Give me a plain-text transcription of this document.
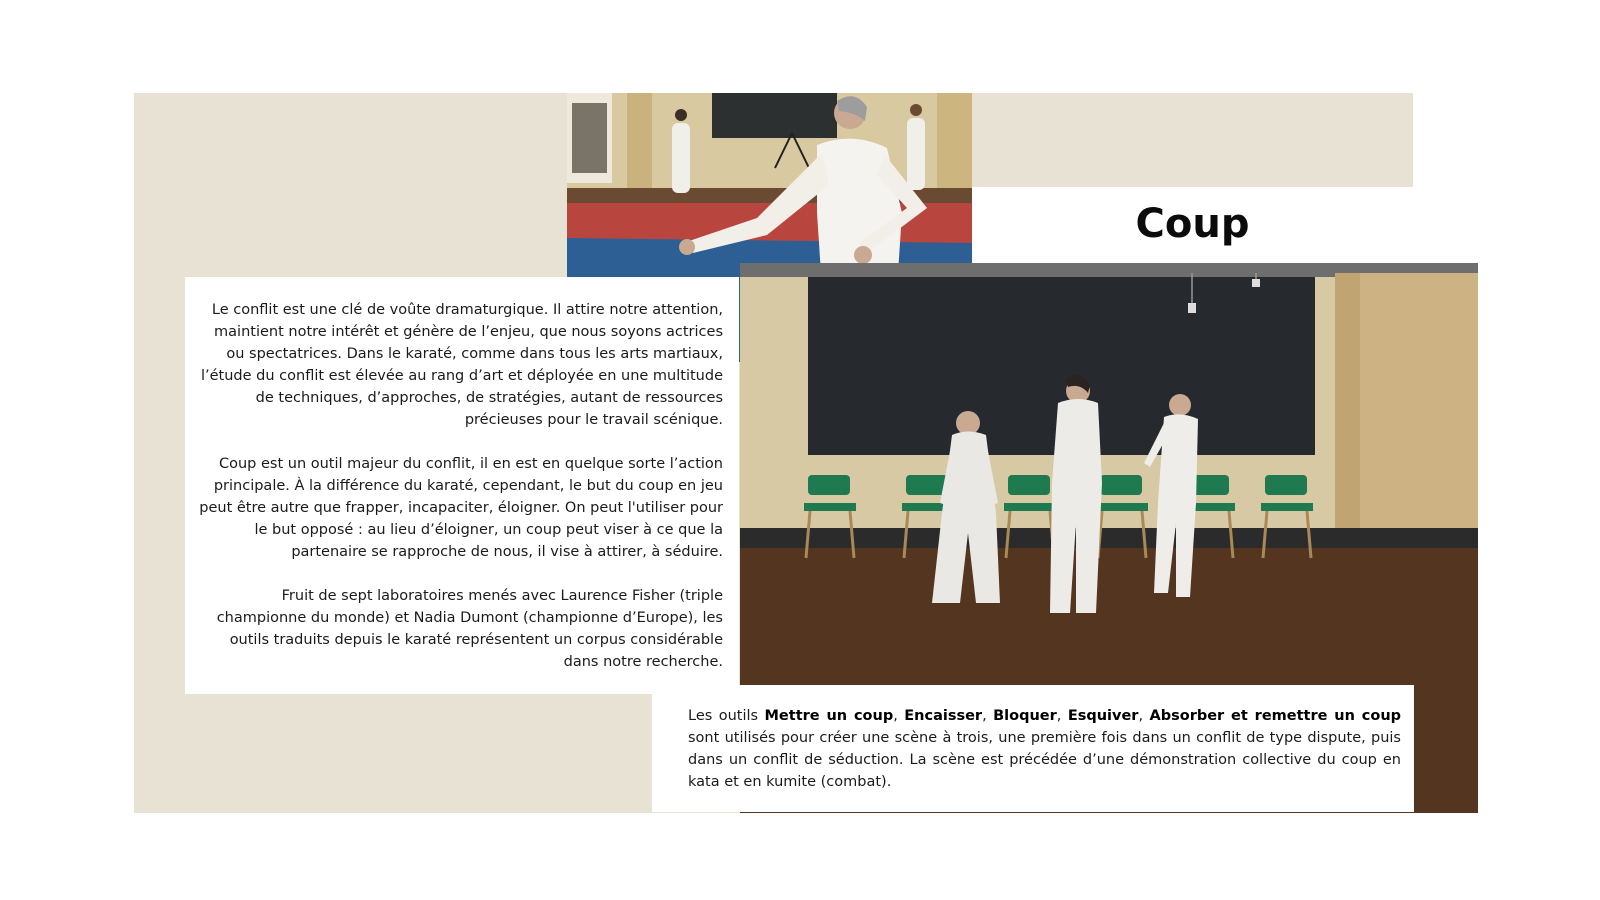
Coup

Le conflit est une clé de voûte dramaturgique. Il attire notre attention, maintient notre intérêt et génère de l’enjeu, que nous soyons actrices ou spectatrices. Dans le karaté, comme dans tous les arts martiaux, l’étude du conflit est élevée au rang d’art et déployée en une multitude de techniques, d’approches, de stratégies, autant de ressources précieuses pour le travail scénique.

Coup est un outil majeur du conflit, il en est en quelque sorte l’action principale. À la différence du karaté, cependant, le but du coup en jeu peut être autre que frapper, incapaciter, éloigner. On peut l'utiliser pour le but opposé : au lieu d’éloigner, un coup peut viser à ce que la partenaire se rapproche de nous, il vise à attirer, à séduire.

Fruit de sept laboratoires menés avec Laurence Fisher (triple championne du monde) et Nadia Dumont (championne d’Europe), les outils traduits depuis le karaté représentent un corpus considérable dans notre recherche.

Les outils Mettre un coup, Encaisser, Bloquer, Esquiver, Absorber et remettre un coup sont utilisés pour créer une scène à trois, une première fois dans un conflit de type dispute, puis dans un conflit de séduction. La scène est précédée d’une démonstration collective du coup en kata et en kumite (combat).
